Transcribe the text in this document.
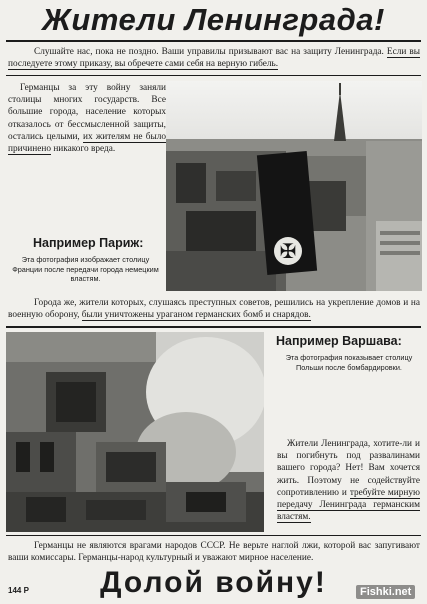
Жители Ленинграда!
Слушайте нас, пока не поздно. Ваши управилы призывают вас на защиту Ленинграда. Если вы последуете этому приказу, вы обречете сами себя на верную гибель.
Германцы за эту войну заняли столицы многих государств. Все большие города, население которых отказалось от бессмысленной защиты, остались целыми, их жителям не было причинено никакого вреда.
✠
Например Париж:
Эта фотография изображает столицу Франции после передачи города немецким властям.
Города же, жители которых, слушаясь преступных советов, решились на укрепление домов и на военную оборону, были уничтожены ураганом германских бомб и снарядов.
Например Варшава:
Эта фотография показывает столицу Польши после бомбардировки.
Жители Ленинграда, хотите-ли и вы погибнуть под развалинами вашего города? Нет! Вам хочется жить. Поэтому не содействуйте сопротивлению и требуйте мирную передачу Ленинграда германским властям.
Германцы не являются врагами народов СССР. Не верьте наглой лжи, которой вас запугивают ваши комиссары. Германцы-народ культурный и уважают мирное население.
Долой войну!
144 Р	Fishki.net
